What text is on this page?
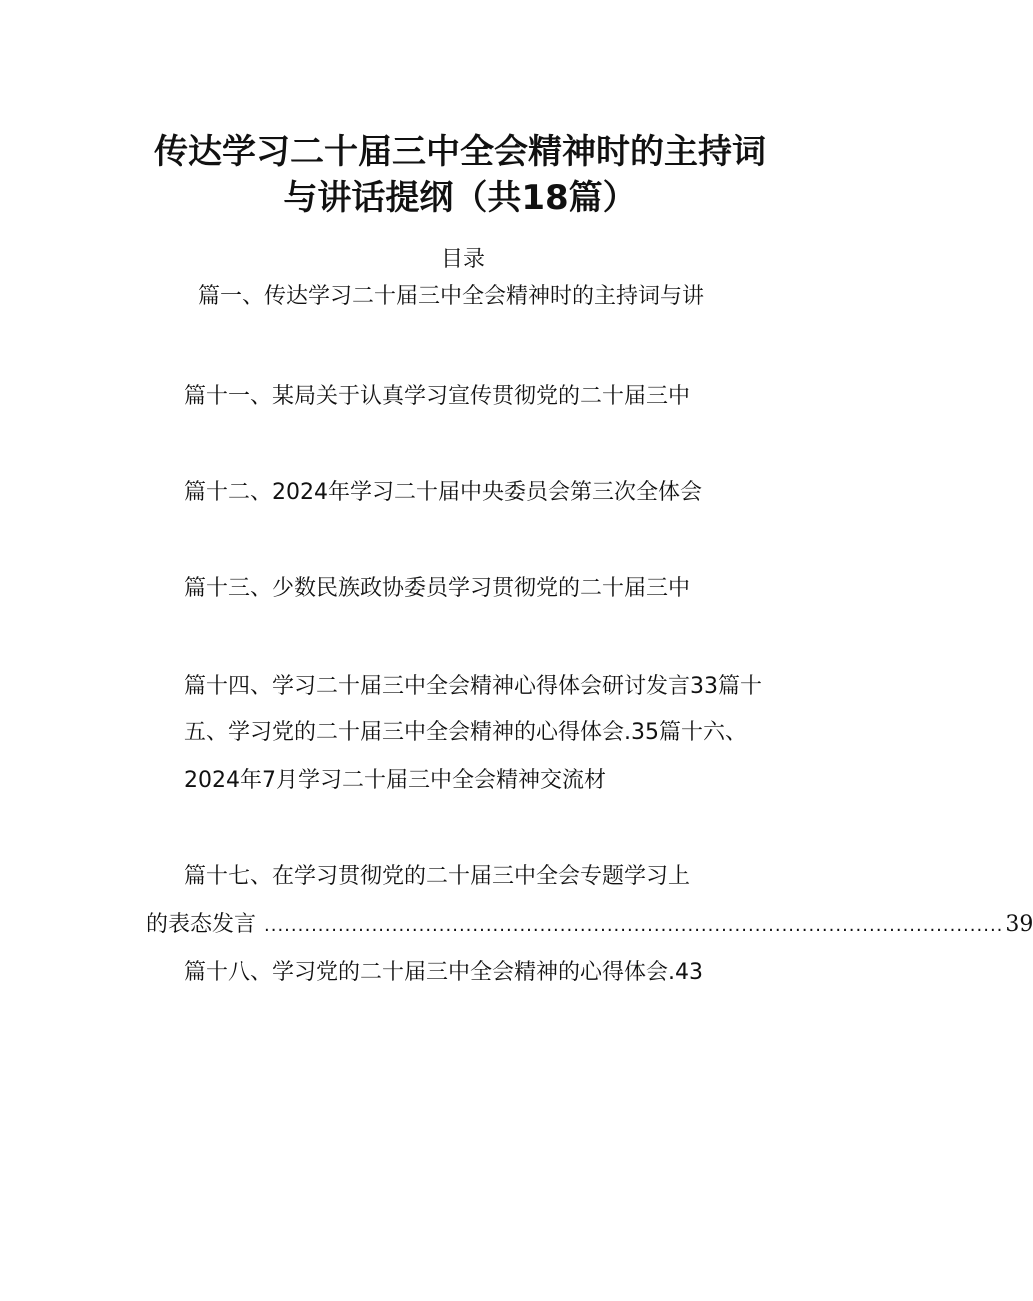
传达学习二十届三中全会精神时的主持词
与讲话提纲（共18篇）
目录
篇一、传达学习二十届三中全会精神时的主持词与讲
篇十一、某局关于认真学习宣传贯彻党的二十届三中
篇十二、2024年学习二十届中央委员会第三次全体会
篇十三、少数民族政协委员学习贯彻党的二十届三中
篇十四、学习二十届三中全会精神心得体会研讨发言33篇十
五、学习党的二十届三中全会精神的心得体会.35篇十六、
2024年7月学习二十届三中全会精神交流材
篇十七、在学习贯彻党的二十届三中全会专题学习上
的表态发言 .............................................................................................................. 39
篇十八、学习党的二十届三中全会精神的心得体会.43
